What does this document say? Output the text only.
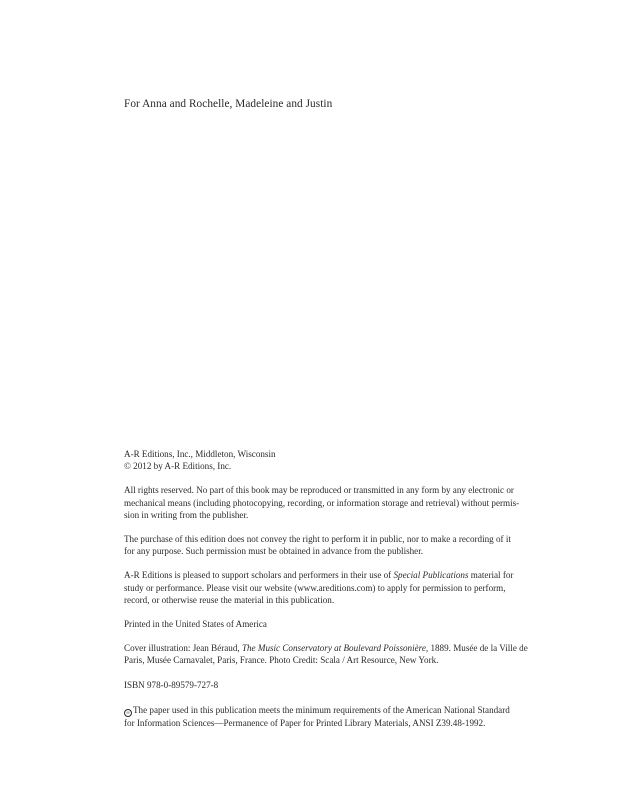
For Anna and Rochelle, Madeleine and Justin

A-R Editions, Inc., Middleton, Wisconsin

© 2012 by A-R Editions, Inc.

All rights reserved. No part of this book may be reproduced or transmitted in any form by any electronic or

mechanical means (including photocopying, recording, or information storage and retrieval) without permis-

sion in writing from the publisher.

The purchase of this edition does not convey the right to perform it in public, nor to make a recording of it

for any purpose. Such permission must be obtained in advance from the publisher.

A-R Editions is pleased to support scholars and performers in their use of Special Publications material for

study or performance. Please visit our website (www.areditions.com) to apply for permission to perform,

record, or otherwise reuse the material in this publication.

Printed in the United States of America

Cover illustration: Jean Béraud, The Music Conservatory at Boulevard Poissonière, 1889. Musée de la Ville de

Paris, Musée Carnavalet, Paris, France. Photo Credit: Scala / Art Resource, New York.

ISBN 978-0-89579-727-8

∞ The paper used in this publication meets the minimum requirements of the American National Standard

for Information Sciences—Permanence of Paper for Printed Library Materials, ANSI Z39.48-1992.
